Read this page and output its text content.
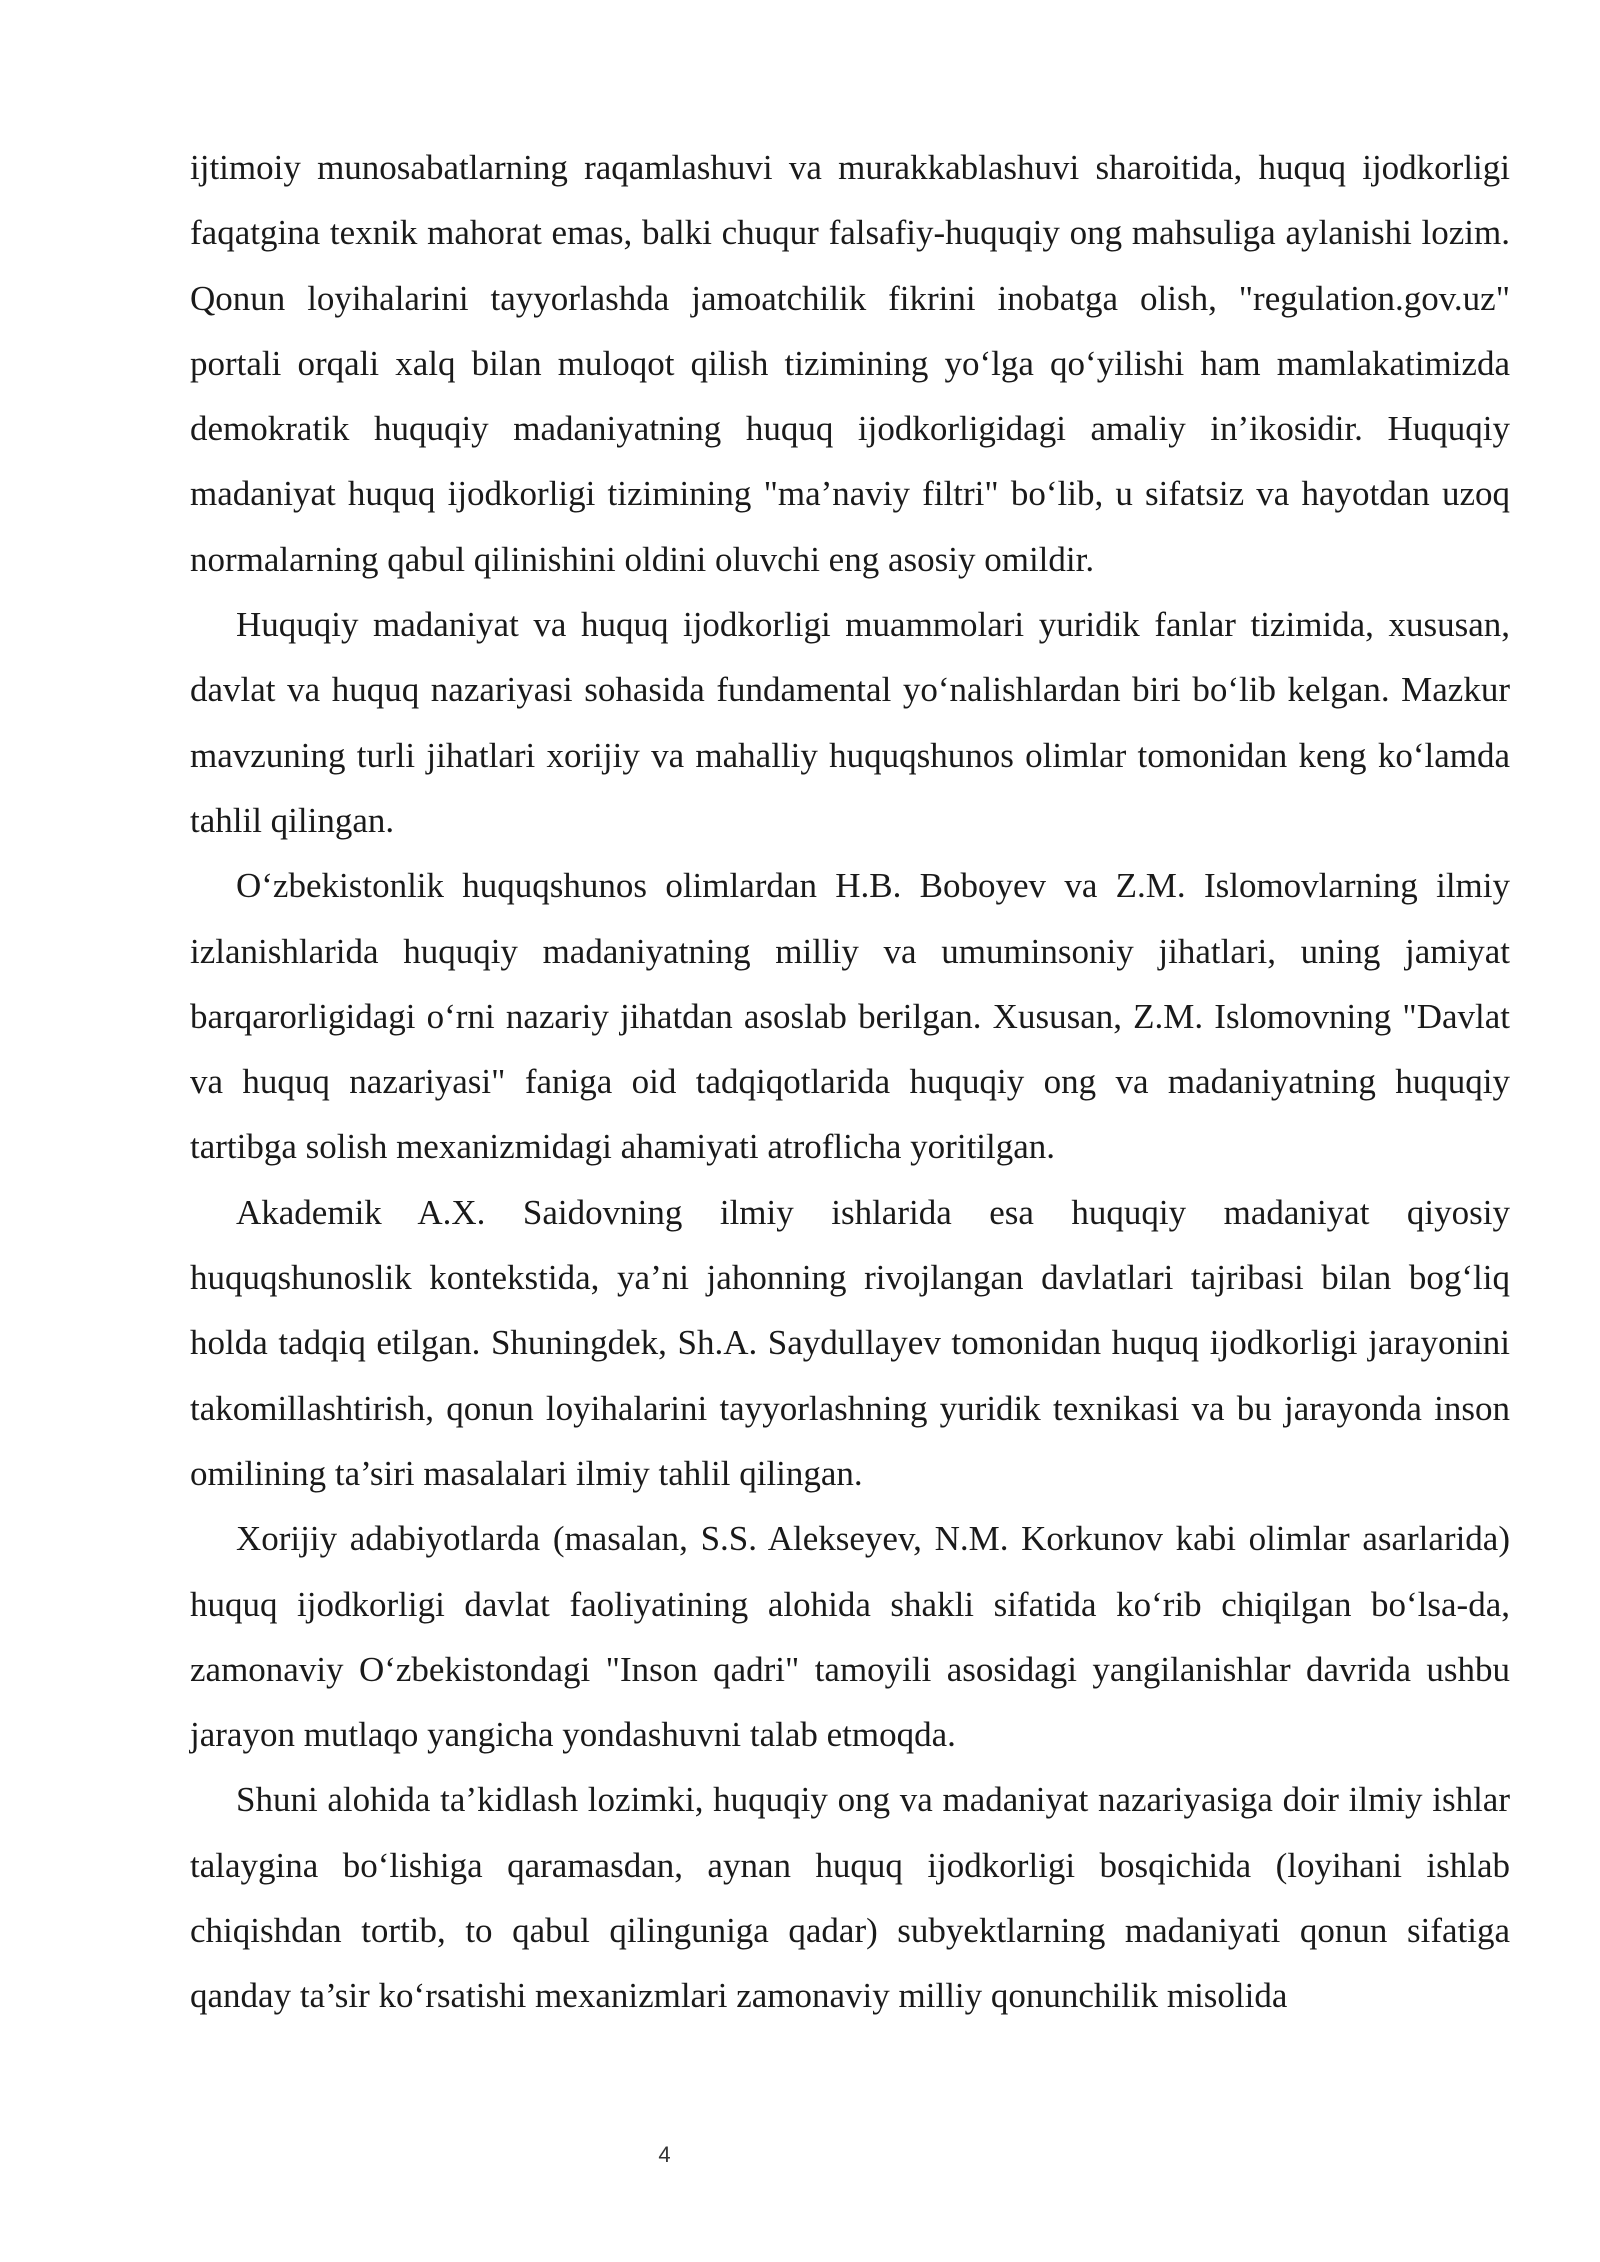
ijtimoiy munosabatlarning raqamlashuvi va murakkablashuvi sharoitida, huquq ijodkorligi faqatgina texnik mahorat emas, balki chuqur falsafiy-huquqiy ong mahsuliga aylanishi lozim. Qonun loyihalarini tayyorlashda jamoatchilik fikrini inobatga olish, "regulation.gov.uz" portali orqali xalq bilan muloqot qilish tizimining yo‘lga qo‘yilishi ham mamlakatimizda demokratik huquqiy madaniyatning huquq ijodkorligidagi amaliy in’ikosidir. Huquqiy madaniyat huquq ijodkorligi tizimining "ma’naviy filtri" bo‘lib, u sifatsiz va hayotdan uzoq normalarning qabul qilinishini oldini oluvchi eng asosiy omildir.

Huquqiy madaniyat va huquq ijodkorligi muammolari yuridik fanlar tizimida, xususan, davlat va huquq nazariyasi sohasida fundamental yo‘nalishlardan biri bo‘lib kelgan. Mazkur mavzuning turli jihatlari xorijiy va mahalliy huquqshunos olimlar tomonidan keng ko‘lamda tahlil qilingan.

O‘zbekistonlik huquqshunos olimlardan H.B. Boboyev va Z.M. Islomovlarning ilmiy izlanishlarida huquqiy madaniyatning milliy va umuminsoniy jihatlari, uning jamiyat barqarorligidagi o‘rni nazariy jihatdan asoslab berilgan. Xususan, Z.M. Islomovning "Davlat va huquq nazariyasi" faniga oid tadqiqotlarida huquqiy ong va madaniyatning huquqiy tartibga solish mexanizmidagi ahamiyati atroflicha yoritilgan.

Akademik A.X. Saidovning ilmiy ishlarida esa huquqiy madaniyat qiyosiy huquqshunoslik kontekstida, ya’ni jahonning rivojlangan davlatlari tajribasi bilan bog‘liq holda tadqiq etilgan. Shuningdek, Sh.A. Saydullayev tomonidan huquq ijodkorligi jarayonini takomillashtirish, qonun loyihalarini tayyorlashning yuridik texnikasi va bu jarayonda inson omilining ta’siri masalalari ilmiy tahlil qilingan.

Xorijiy adabiyotlarda (masalan, S.S. Alekseyev, N.M. Korkunov kabi olimlar asarlarida) huquq ijodkorligi davlat faoliyatining alohida shakli sifatida ko‘rib chiqilgan bo‘lsa-da, zamonaviy O‘zbekistondagi "Inson qadri" tamoyili asosidagi yangilanishlar davrida ushbu jarayon mutlaqo yangicha yondashuvni talab etmoqda.

Shuni alohida ta’kidlash lozimki, huquqiy ong va madaniyat nazariyasiga doir ilmiy ishlar talaygina bo‘lishiga qaramasdan, aynan huquq ijodkorligi bosqichida (loyihani ishlab chiqishdan tortib, to qabul qilinguniga qadar) subyektlarning madaniyati qonun sifatiga qanday ta’sir ko‘rsatishi mexanizmlari zamonaviy milliy qonunchilik misolida

4
